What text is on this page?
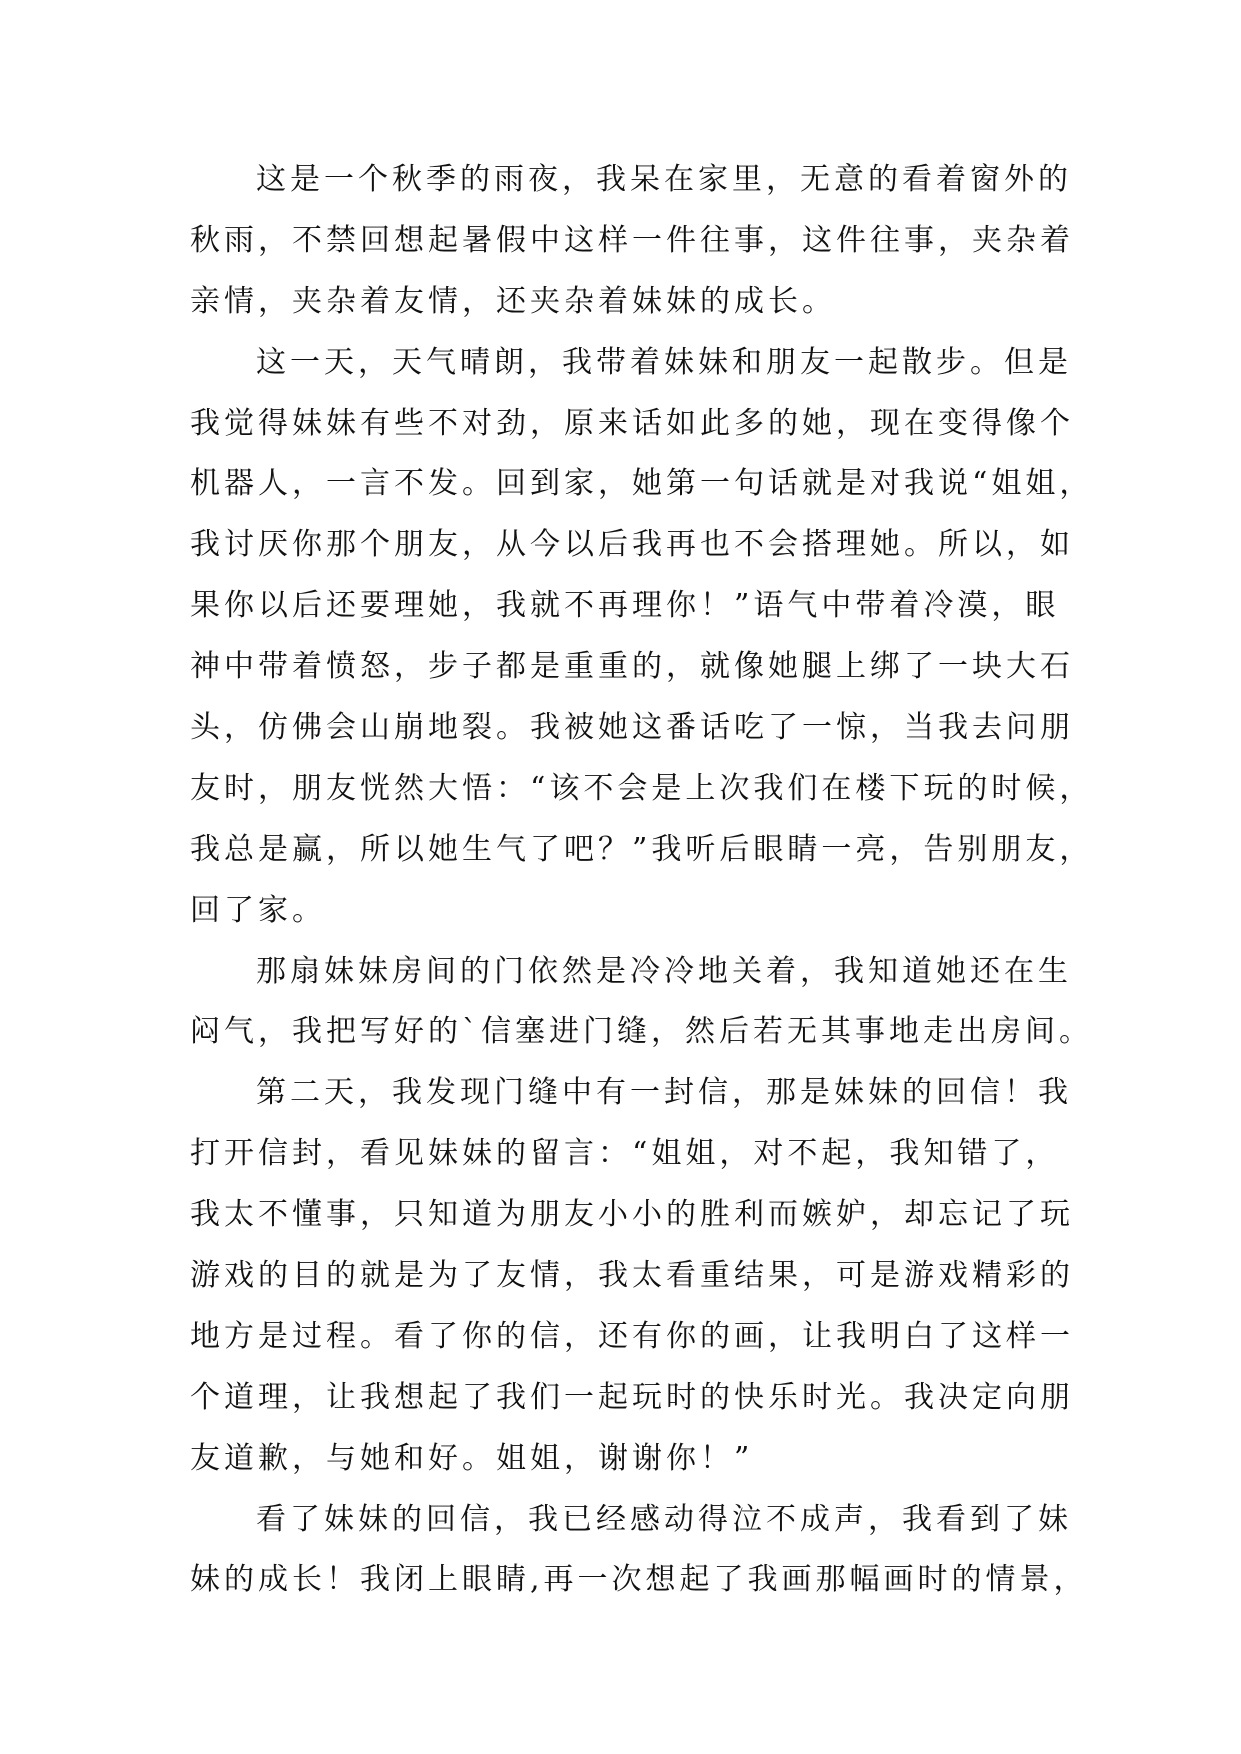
这是一个秋季的雨夜，我呆在家里，无意的看着窗外的
秋雨，不禁回想起暑假中这样一件往事，这件往事，夹杂着
亲情，夹杂着友情，还夹杂着妹妹的成长。
这一天，天气晴朗，我带着妹妹和朋友一起散步。但是
我觉得妹妹有些不对劲，原来话如此多的她，现在变得像个
机器人，一言不发。回到家，她第一句话就是对我说“姐姐，
我讨厌你那个朋友，从今以后我再也不会搭理她。所以，如
果你以后还要理她，我就不再理你！”语气中带着冷漠，眼
神中带着愤怒，步子都是重重的，就像她腿上绑了一块大石
头，仿佛会山崩地裂。我被她这番话吃了一惊，当我去问朋
友时，朋友恍然大悟：“该不会是上次我们在楼下玩的时候，
我总是赢，所以她生气了吧？”我听后眼睛一亮，告别朋友，
回了家。
那扇妹妹房间的门依然是冷冷地关着，我知道她还在生
闷气，我把写好的`信塞进门缝，然后若无其事地走出房间。
第二天，我发现门缝中有一封信，那是妹妹的回信！我
打开信封，看见妹妹的留言：“姐姐，对不起，我知错了，
我太不懂事，只知道为朋友小小的胜利而嫉妒，却忘记了玩
游戏的目的就是为了友情，我太看重结果，可是游戏精彩的
地方是过程。看了你的信，还有你的画，让我明白了这样一
个道理，让我想起了我们一起玩时的快乐时光。我决定向朋
友道歉，与她和好。姐姐，谢谢你！”
看了妹妹的回信，我已经感动得泣不成声，我看到了妹
妹的成长！我闭上眼睛,再一次想起了我画那幅画时的情景，
